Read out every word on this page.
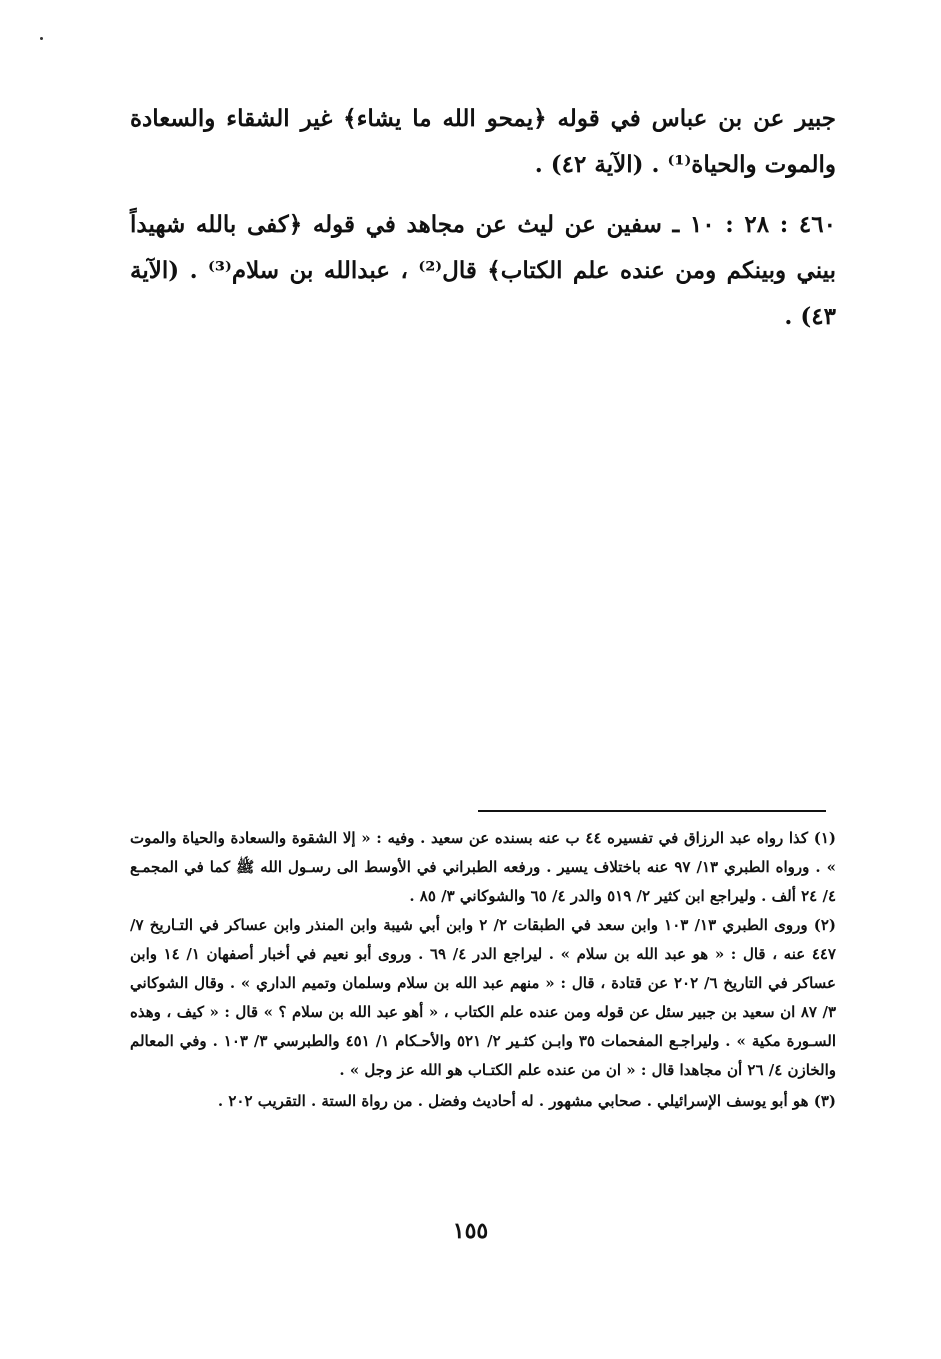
جبير عن بن عباس في قوله ﴿يمحو الله ما يشاء﴾ غير الشقاء والسعادة والموت والحياة⁽¹⁾ . (الآية ٤٢) .

٤٦٠ : ٢٨ : ١٠ ـ سفين عن ليث عن مجاهد في قوله ﴿كفى بالله شهيداً بيني وبينكم ومن عنده علم الكتاب﴾ قال⁽²⁾ ، عبدالله بن سلام⁽³⁾ . (الآية ٤٣) .

(١) كذا رواه عبد الرزاق في تفسيره ٤٤ ب عنه بسنده عن سعيد . وفيه : « إلا الشقوة والسعادة والحياة والموت » . ورواه الطبري ١٣/ ٩٧ عنه باختلاف يسير . ورفعه الطبراني في الأوسط الى رسـول الله ﷺ كما في المجمـع ٤/ ٢٤ ألف . وليراجع ابن كثير ٢/ ٥١٩ والدر ٤/ ٦٥ والشوكاني ٣/ ٨٥ .

(٢) وروى الطبري ١٣/ ١٠٣ وابن سعد في الطبقات ٢/ ٢ وابن أبي شيبة وابن المنذر وابن عساكر في التـاريخ ٧/ ٤٤٧ عنه ، قال : « هو عبد الله بن سلام » . ليراجع الدر ٤/ ٦٩ . وروى أبو نعيم في أخبار أصفهان ١/ ١٤ وابن عساكر في التاريخ ٦/ ٢٠٢ عن قتادة ، قال : « منهم عبد الله بن سلام وسلمان وتميم الداري » . وقال الشوكاني ٣/ ٨٧ ان سعيد بن جبير سئل عن قوله ومن عنده علم الكتاب ، « أهو عبد الله بن سلام ؟ » قال : « كيف ، وهذه السـورة مكية » . وليراجـع المفحمات ٣٥ وابـن كثـير ٢/ ٥٢١ والأحـكام ١/ ٤٥١ والطبرسي ٣/ ١٠٣ . وفي المعالم والخازن ٤/ ٢٦ أن مجاهدا قال : « ان من عنده علم الكتـاب هو الله عز وجل » .

(٣) هو أبو يوسف الإسرائيلي . صحابي مشهور . له أحاديث وفضل . من رواة الستة . التقريب ٢٠٢ .

١٥٥
